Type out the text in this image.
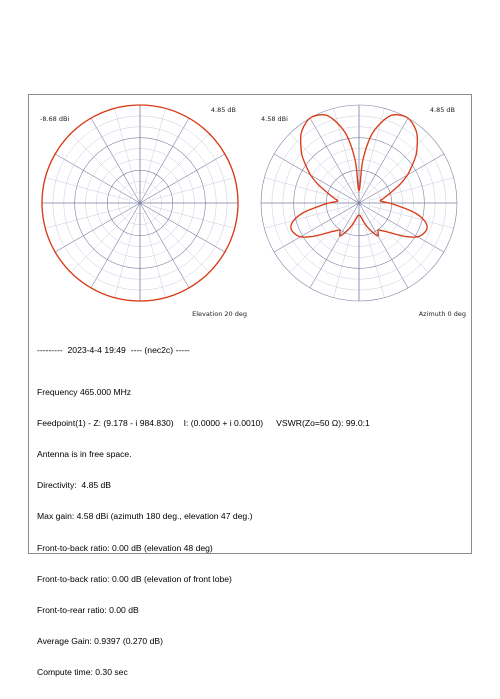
-8.68 dBi
4.85 dB
Elevation 20 deg
4.58 dBi
4.85 dB
Azimuth 0 deg

---------  2023-4-4 19:49  ---- (nec2c) -----

Frequency 465.000 MHz

Feedpoint(1) - Z: (9.178 - i 984.830) I: (0.0000 + i 0.0010) VSWR(Zo=50 Ω): 99.0:1

Antenna is in free space.

Directivity:  4.85 dB

Max gain: 4.58 dBi (azimuth 180 deg., elevation 47 deg.)

Front-to-back ratio: 0.00 dB (elevation 48 deg)

Front-to-back ratio: 0.00 dB (elevation of front lobe)

Front-to-rear ratio: 0.00 dB

Average Gain: 0.9397 (0.270 dB)

Compute time: 0.30 sec
